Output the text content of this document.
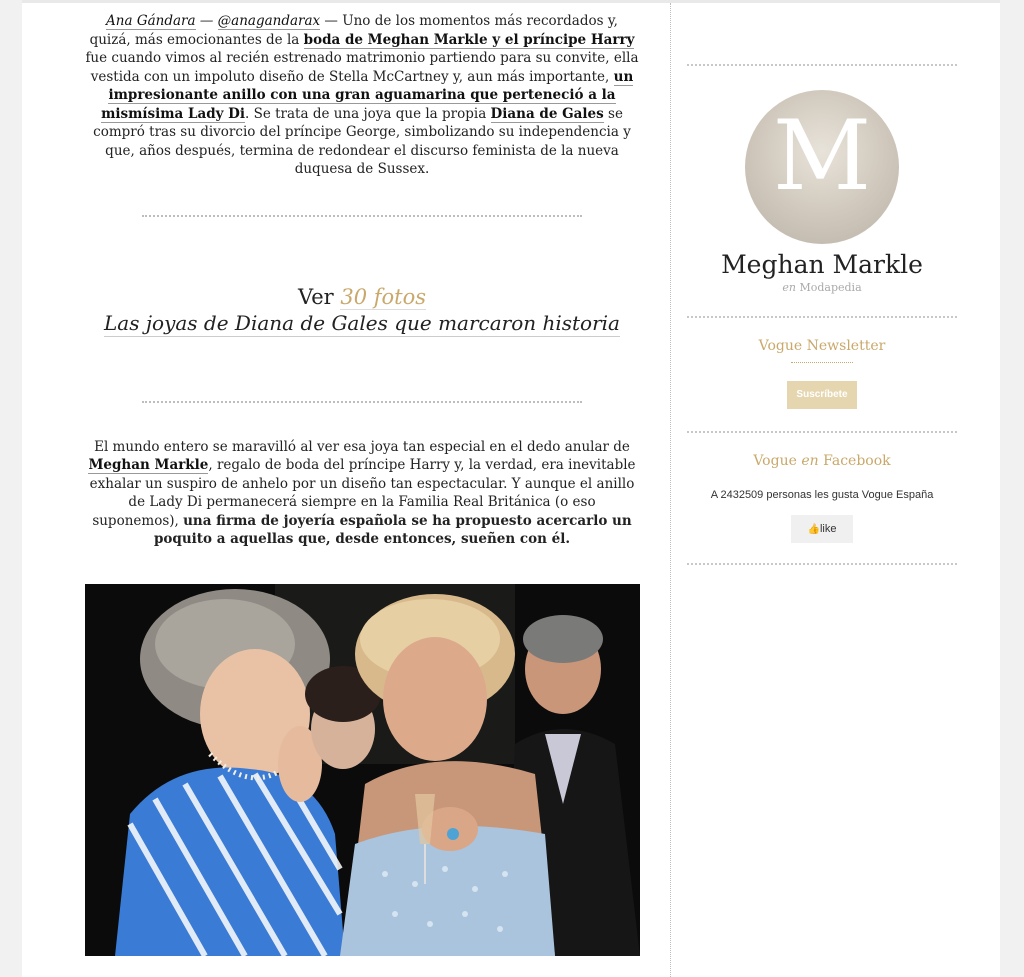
Ana Gándara — @anagandarax — Uno de los momentos más recordados y, quizá, más emocionantes de la boda de Meghan Markle y el príncipe Harry fue cuando vimos al recién estrenado matrimonio partiendo para su convite, ella vestida con un impoluto diseño de Stella McCartney y, aun más importante, un impresionante anillo con una gran aguamarina que perteneció a la mismísima Lady Di. Se trata de una joya que la propia Diana de Gales se compró tras su divorcio del príncipe George, simbolizando su independencia y que, años después, termina de redondear el discurso feminista de la nueva duquesa de Sussex.

Ver 30 fotos
Las joyas de Diana de Gales que marcaron historia

El mundo entero se maravilló al ver esa joya tan especial en el dedo anular de Meghan Markle, regalo de boda del príncipe Harry y, la verdad, era inevitable exhalar un suspiro de anhelo por un diseño tan espectacular. Y aunque el anillo de Lady Di permanecerá siempre en la Familia Real Británica (o eso suponemos), una firma de joyería española se ha propuesto acercarlo un poquito a aquellas que, desde entonces, sueñen con él.

M
Meghan Markle
en Modapedia
Vogue Newsletter
Suscríbete
Vogue en Facebook
A 2432509 personas les gusta Vogue España
👍like
